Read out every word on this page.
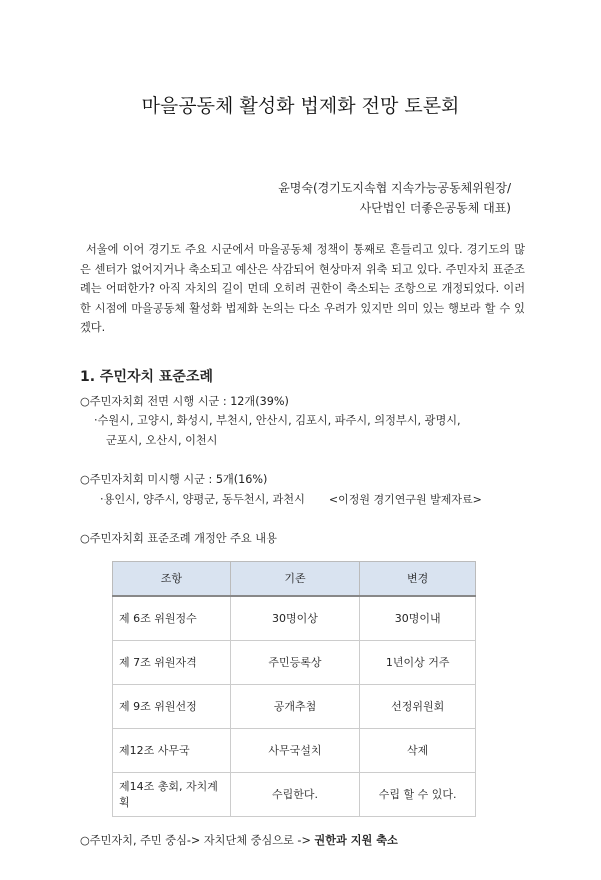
마을공동체 활성화 법제화 전망 토론회
윤명숙(경기도지속협 지속가능공동체위원장/
사단법인 더좋은공동체 대표)

서울에 이어 경기도 주요 시군에서 마을공동체 정책이 통째로 흔들리고 있다. 경기도의 많은 센터가 없어지거나 축소되고 예산은 삭감되어 현상마저 위축 되고 있다. 주민자치 표준조례는 어떠한가? 아직 자치의 길이 먼데 오히려 권한이 축소되는 조항으로 개정되었다. 이러한 시점에 마을공동체 활성화 법제화 논의는 다소 우려가 있지만 의미 있는 행보라 할 수 있겠다.

1. 주민자치 표준조례
○주민자치회 전면 시행 시군 : 12개(39%)
·수원시, 고양시, 화성시, 부천시, 안산시, 김포시, 파주시, 의정부시, 광명시,
군포시, 오산시, 이천시
○주민자치회 미시행 시군 : 5개(16%)
·용인시, 양주시, 양평군, 동두천시, 과천시 <이정원 경기연구원 발제자료>
○주민자치회 표준조례 개정안 주요 내용
조항	기존	변경
제 6조 위원정수	30명이상	30명이내
제 7조 위원자격	주민등록상	1년이상 거주
제 9조 위원선정	공개추첨	선정위원회
제12조 사무국	사무국설치	삭제
제14조 총회, 자치계획	수립한다.	수립 할 수 있다.
○주민자치, 주민 중심-> 자치단체 중심으로 -> 권한과 지원 축소
